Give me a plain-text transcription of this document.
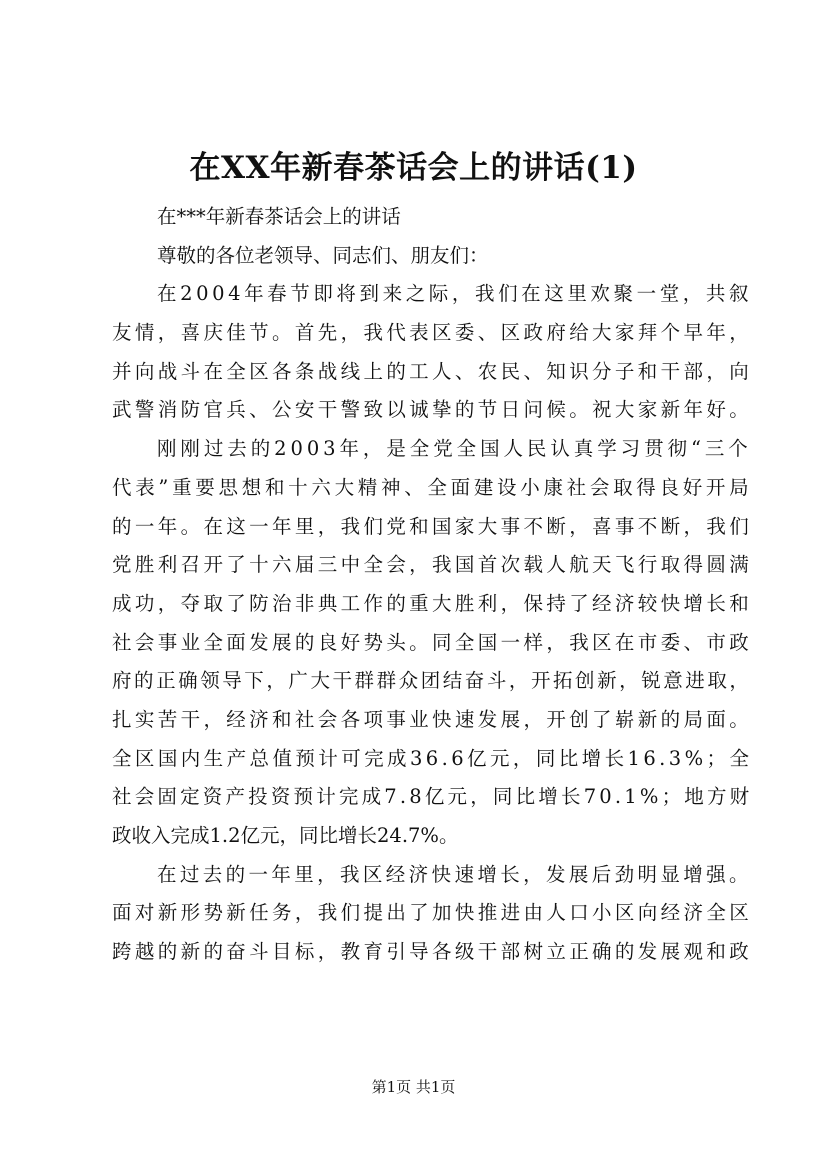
在XX年新春茶话会上的讲话(1)
在***年新春茶话会上的讲话
尊敬的各位老领导、同志们、朋友们：
在2004年春节即将到来之际，我们在这里欢聚一堂，共叙
友情，喜庆佳节。首先，我代表区委、区政府给大家拜个早年，
并向战斗在全区各条战线上的工人、农民、知识分子和干部，向
武警消防官兵、公安干警致以诚挚的节日问候。祝大家新年好。
刚刚过去的2003年，是全党全国人民认真学习贯彻“三个
代表”重要思想和十六大精神、全面建设小康社会取得良好开局
的一年。在这一年里，我们党和国家大事不断，喜事不断，我们
党胜利召开了十六届三中全会，我国首次载人航天飞行取得圆满
成功，夺取了防治非典工作的重大胜利，保持了经济较快增长和
社会事业全面发展的良好势头。同全国一样，我区在市委、市政
府的正确领导下，广大干群群众团结奋斗，开拓创新，锐意进取，
扎实苦干，经济和社会各项事业快速发展，开创了崭新的局面。
全区国内生产总值预计可完成36.6亿元，同比增长16.3%；全
社会固定资产投资预计完成7.8亿元，同比增长70.1%；地方财
政收入完成1.2亿元，同比增长24.7%。
在过去的一年里，我区经济快速增长，发展后劲明显增强。
面对新形势新任务，我们提出了加快推进由人口小区向经济全区
跨越的新的奋斗目标，教育引导各级干部树立正确的发展观和政
第1页 共1页
